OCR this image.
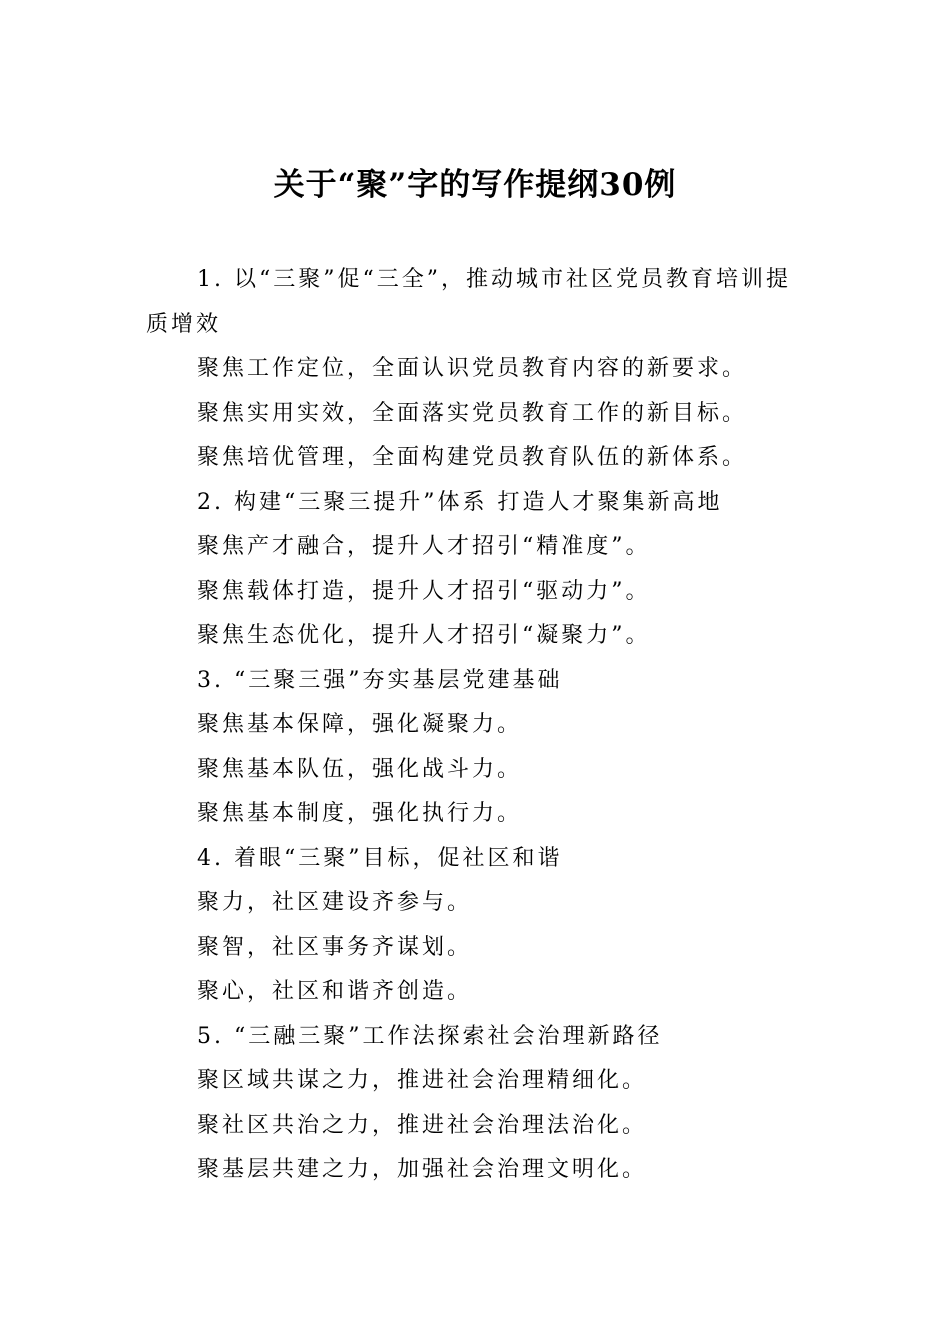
关于“聚”字的写作提纲30例

1. 以“三聚”促“三全”，推动城市社区党员教育培训提质增效

聚焦工作定位，全面认识党员教育内容的新要求。

聚焦实用实效，全面落实党员教育工作的新目标。

聚焦培优管理，全面构建党员教育队伍的新体系。

2. 构建“三聚三提升”体系 打造人才聚集新高地

聚焦产才融合，提升人才招引“精准度”。

聚焦载体打造，提升人才招引“驱动力”。

聚焦生态优化，提升人才招引“凝聚力”。

3. “三聚三强”夯实基层党建基础

聚焦基本保障，强化凝聚力。

聚焦基本队伍，强化战斗力。

聚焦基本制度，强化执行力。

4. 着眼“三聚”目标，促社区和谐

聚力，社区建设齐参与。

聚智，社区事务齐谋划。

聚心，社区和谐齐创造。

5. “三融三聚”工作法探索社会治理新路径

聚区域共谋之力，推进社会治理精细化。

聚社区共治之力，推进社会治理法治化。

聚基层共建之力，加强社会治理文明化。
